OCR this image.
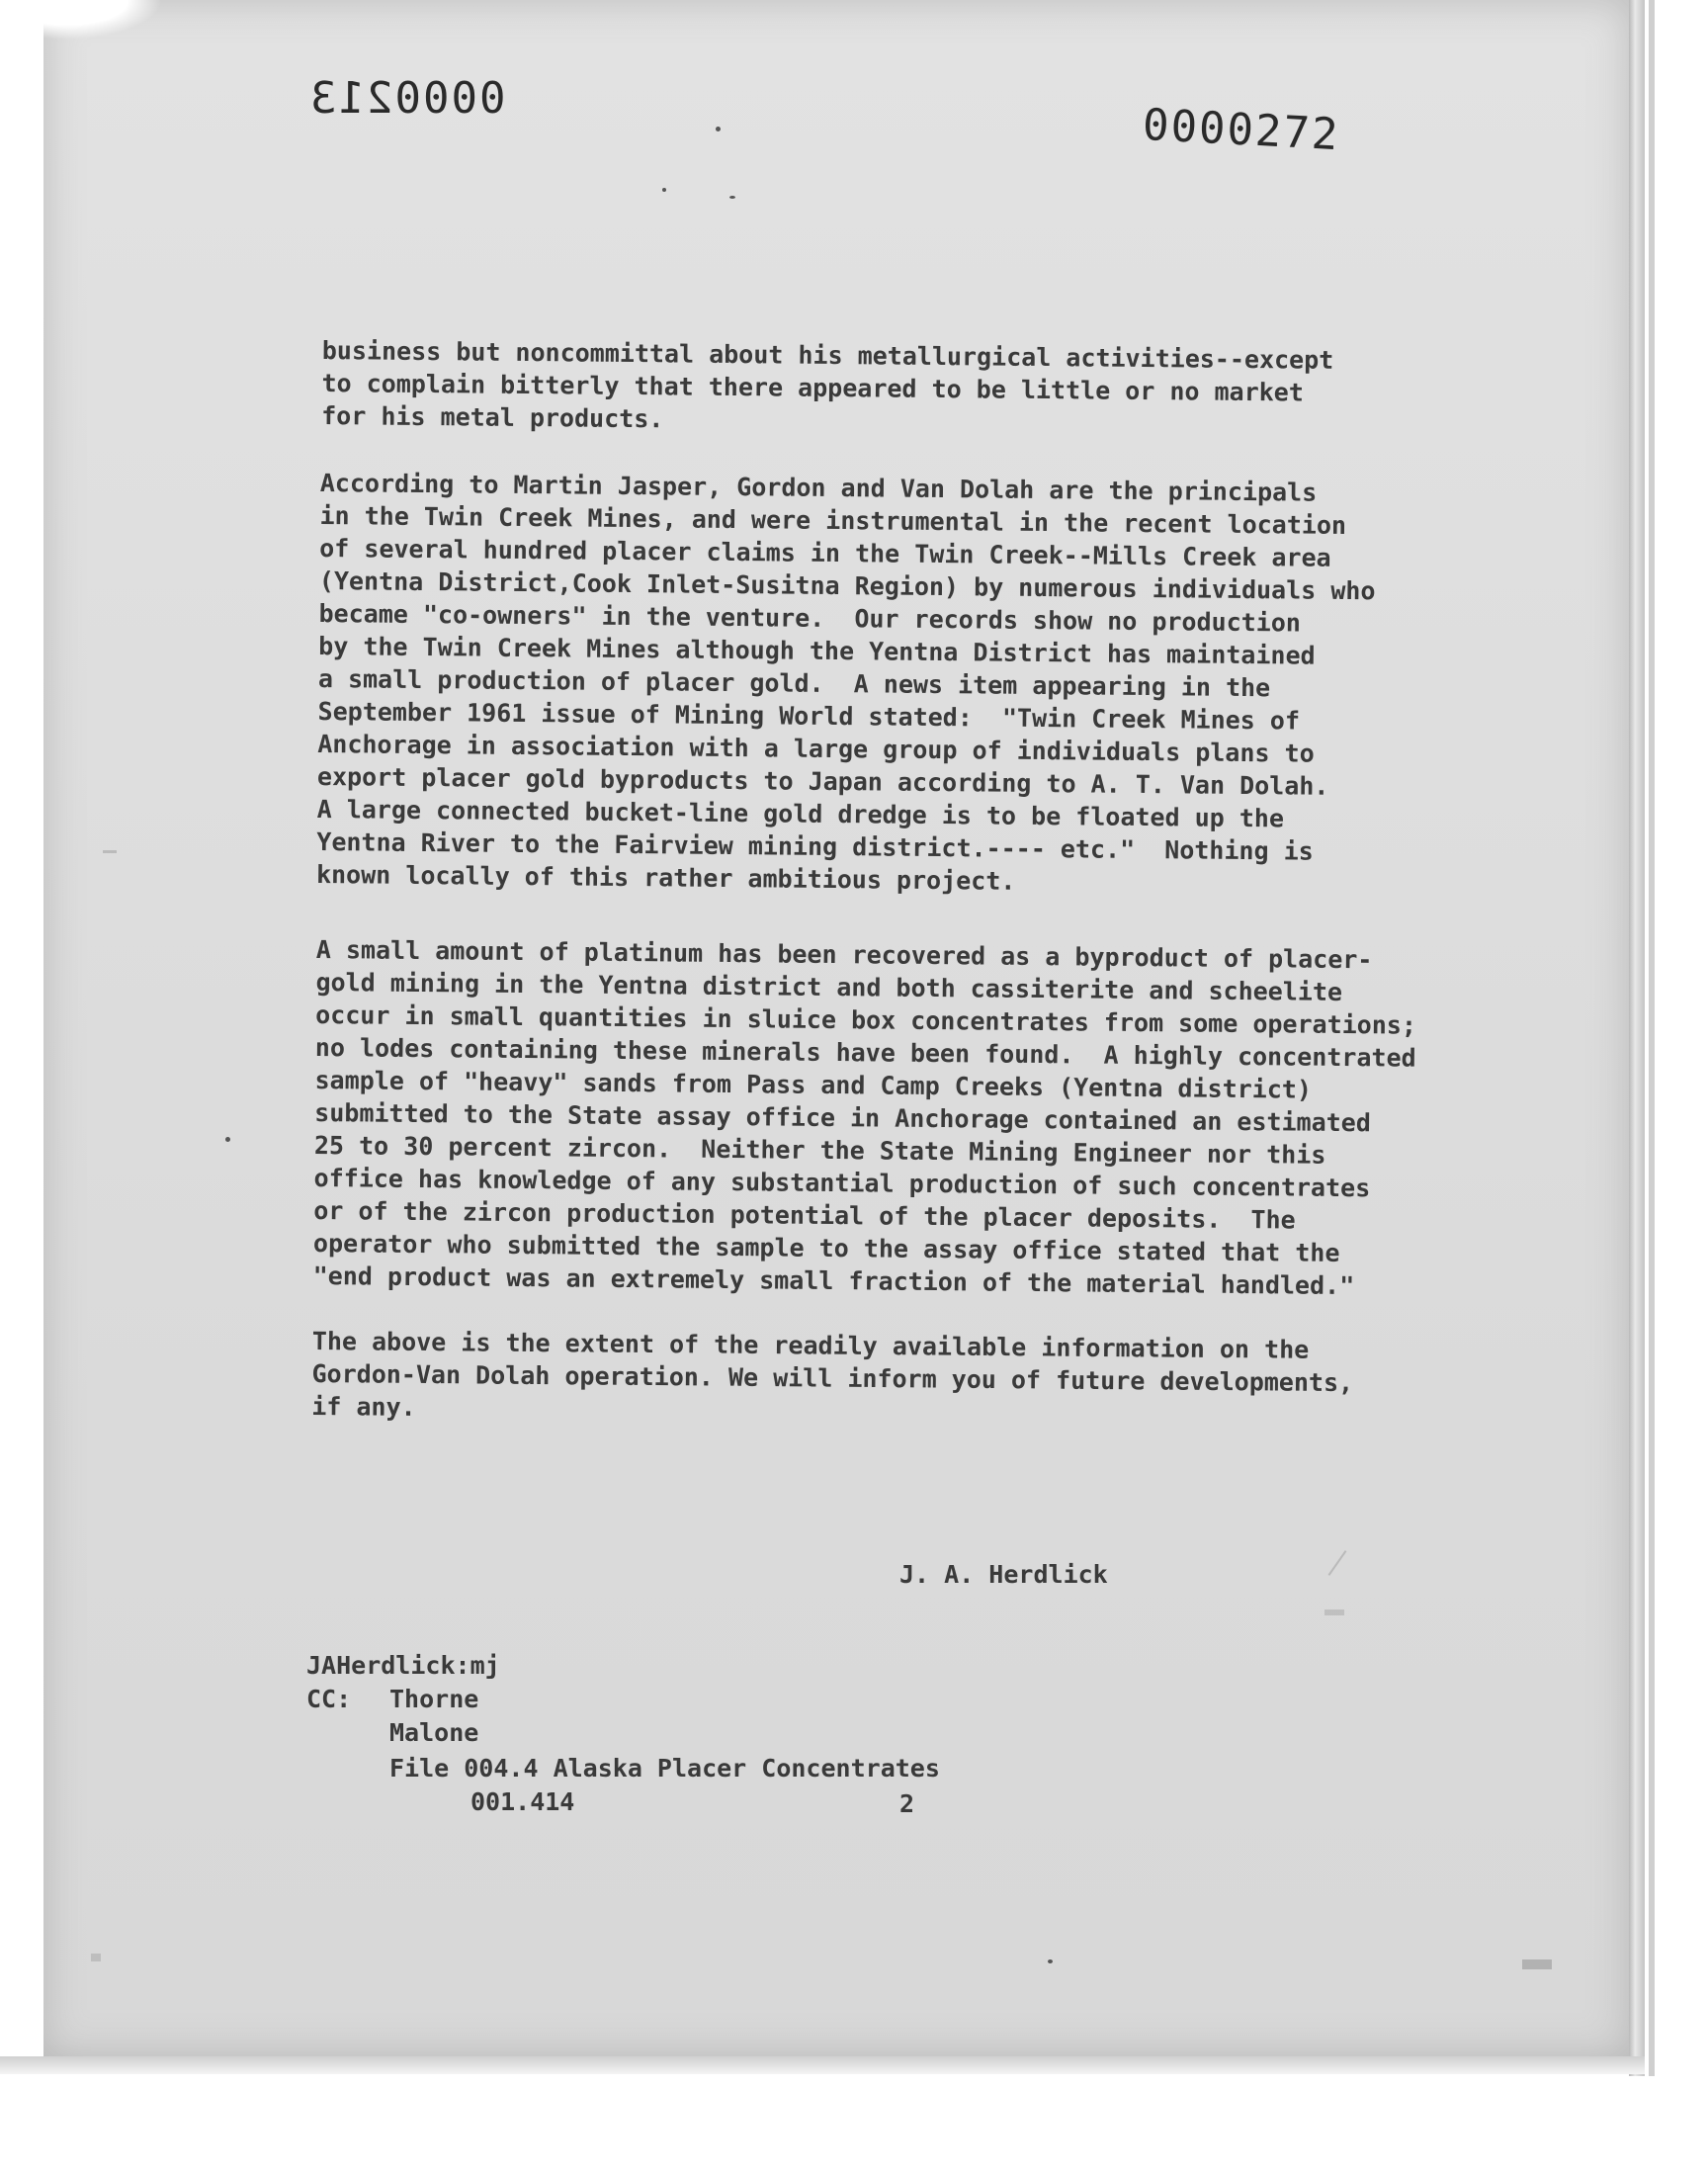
0000213
0000272

business but noncommittal about his metallurgical activities--except
to complain bitterly that there appeared to be little or no market
for his metal products.

According to Martin Jasper, Gordon and Van Dolah are the principals
in the Twin Creek Mines, and were instrumental in the recent location
of several hundred placer claims in the Twin Creek--Mills Creek area
(Yentna District,Cook Inlet-Susitna Region) by numerous individuals who
became "co-owners" in the venture.  Our records show no production
by the Twin Creek Mines although the Yentna District has maintained
a small production of placer gold.  A news item appearing in the
September 1961 issue of Mining World stated:  "Twin Creek Mines of
Anchorage in association with a large group of individuals plans to
export placer gold byproducts to Japan according to A. T. Van Dolah.
A large connected bucket-line gold dredge is to be floated up the
Yentna River to the Fairview mining district.---- etc."  Nothing is
known locally of this rather ambitious project.

A small amount of platinum has been recovered as a byproduct of placer-
gold mining in the Yentna district and both cassiterite and scheelite
occur in small quantities in sluice box concentrates from some operations;
no lodes containing these minerals have been found.  A highly concentrated
sample of "heavy" sands from Pass and Camp Creeks (Yentna district)
submitted to the State assay office in Anchorage contained an estimated
25 to 30 percent zircon.  Neither the State Mining Engineer nor this
office has knowledge of any substantial production of such concentrates
or of the zircon production potential of the placer deposits.  The
operator who submitted the sample to the assay office stated that the
"end product was an extremely small fraction of the material handled."

The above is the extent of the readily available information on the
Gordon-Van Dolah operation. We will inform you of future developments,
if any.

J. A. Herdlick
JAHerdlick:mj
CC: Thorne
Malone
File 004.4 Alaska Placer Concentrates
001.414	2
